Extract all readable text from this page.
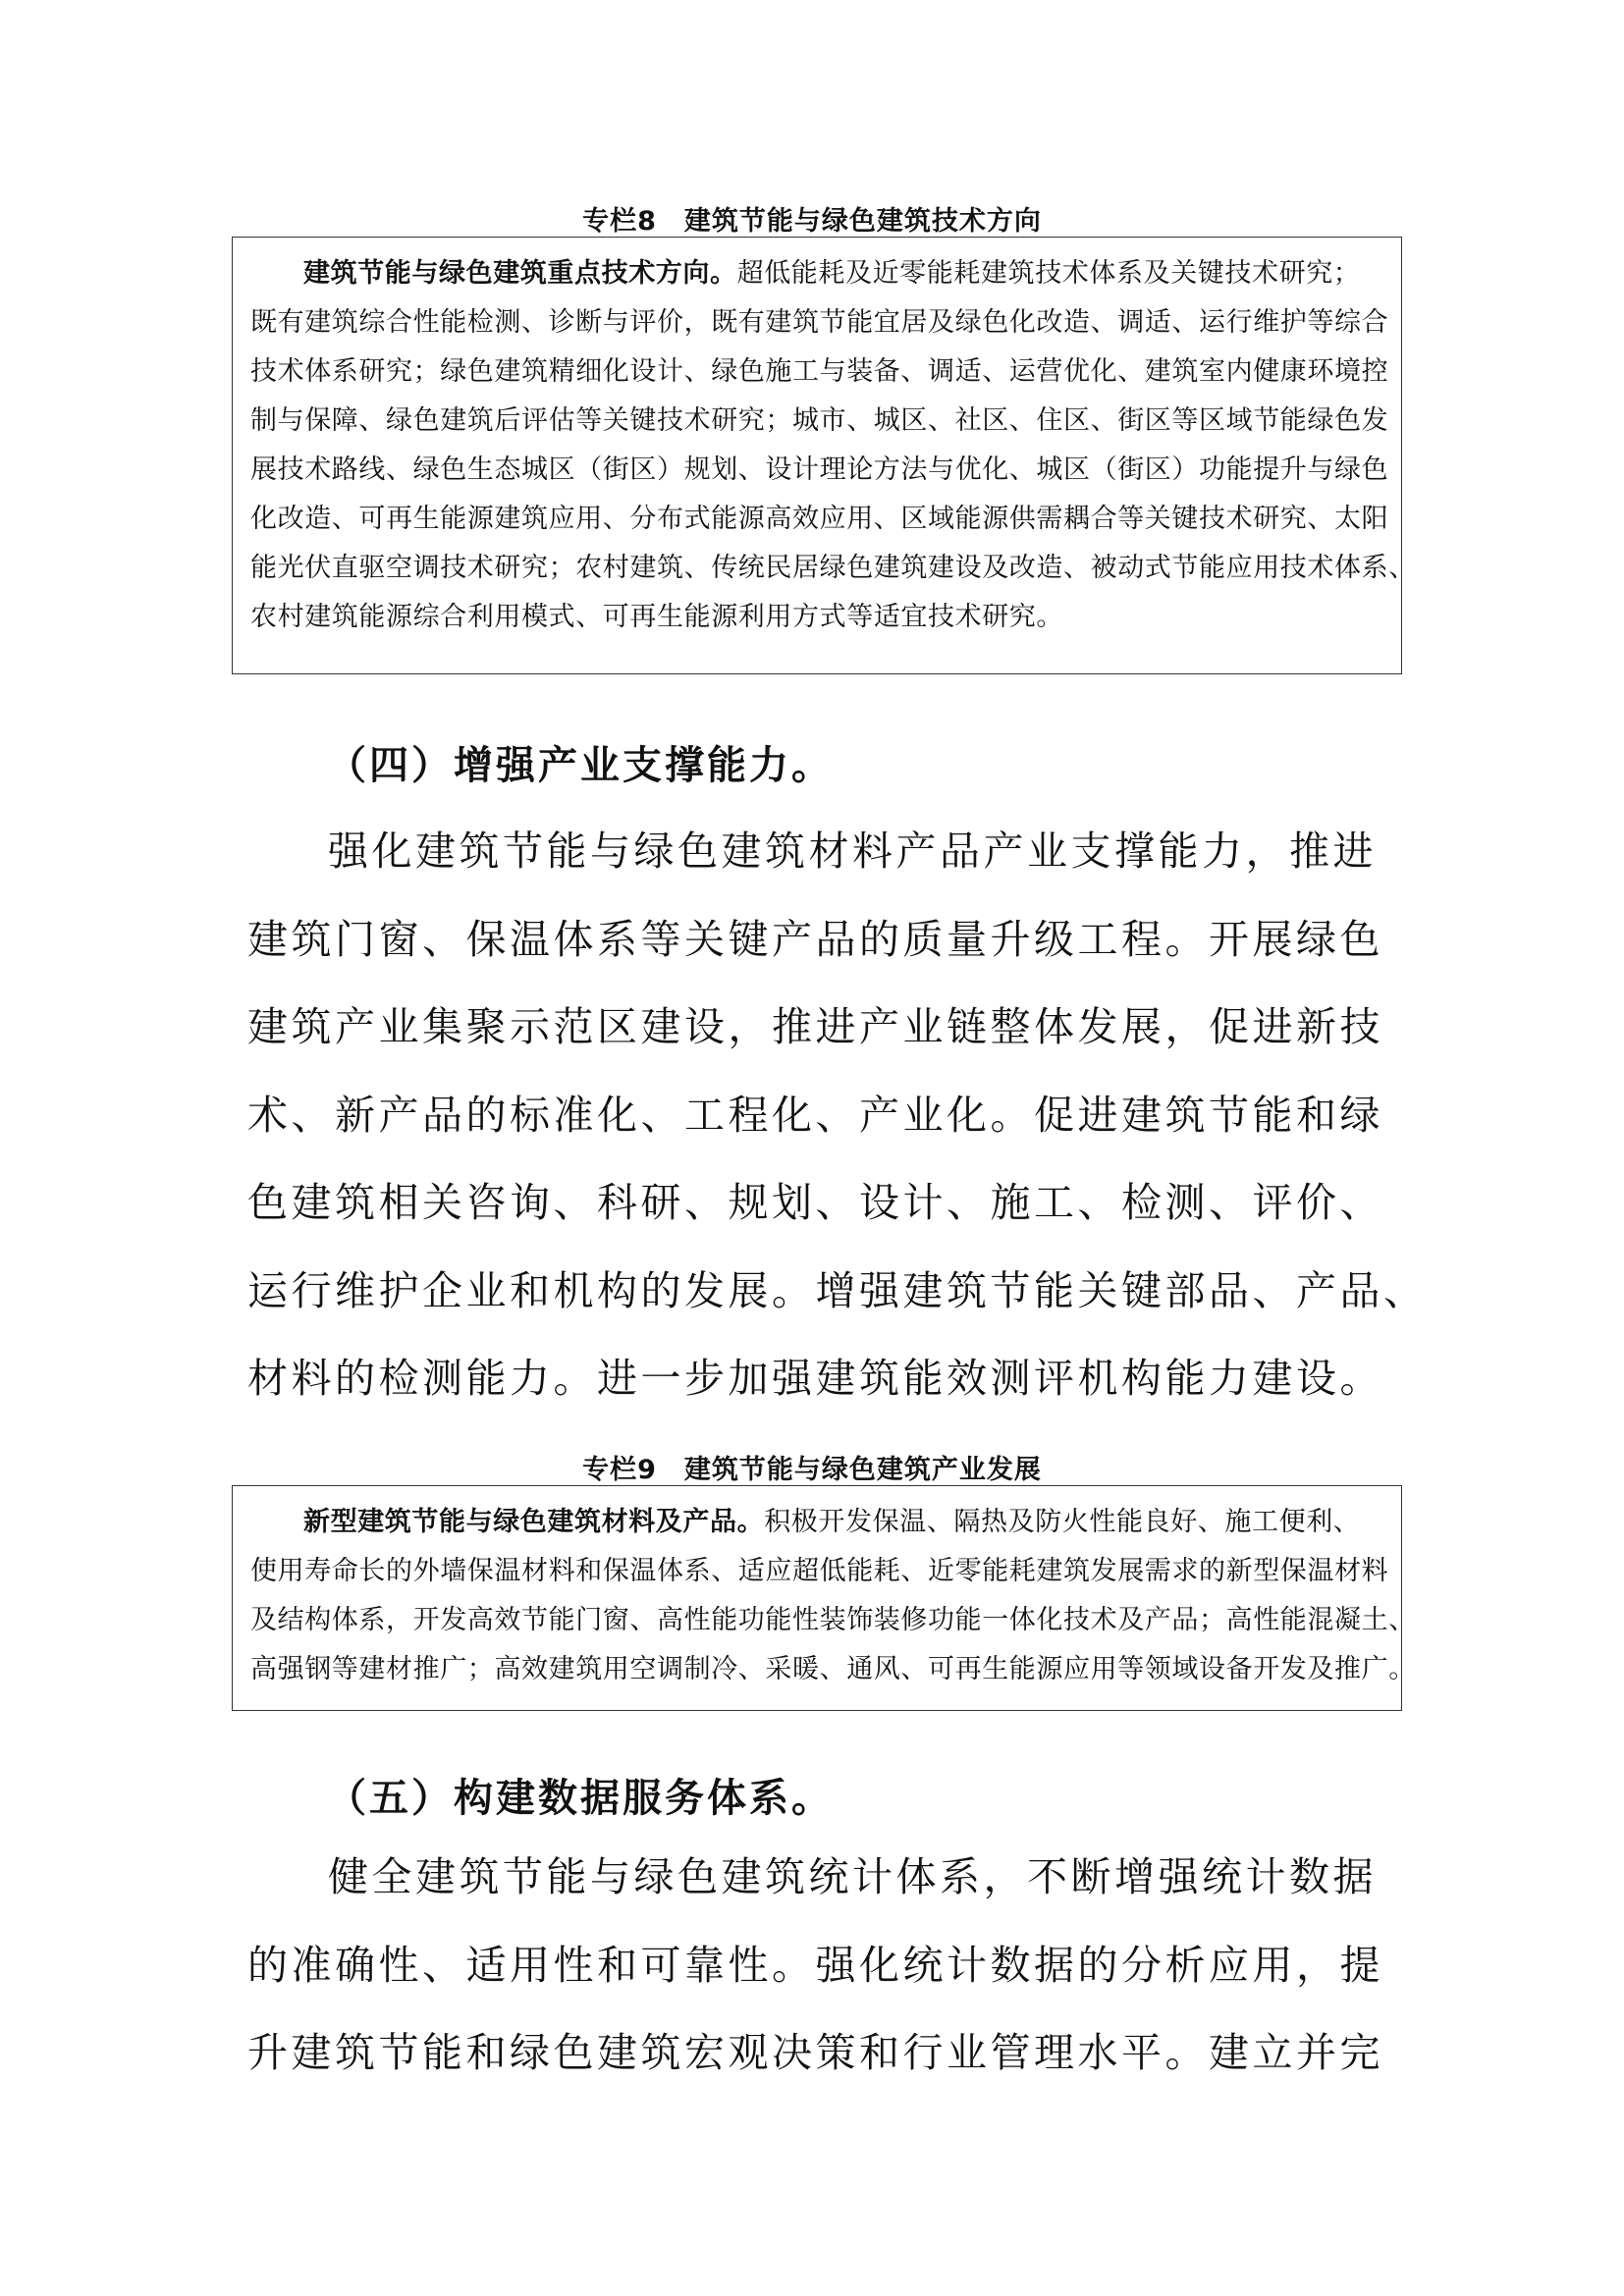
专栏8　建筑节能与绿色建筑技术方向
建筑节能与绿色建筑重点技术方向。超低能耗及近零能耗建筑技术体系及关键技术研究；
既有建筑综合性能检测、诊断与评价，既有建筑节能宜居及绿色化改造、调适、运行维护等综合
技术体系研究；绿色建筑精细化设计、绿色施工与装备、调适、运营优化、建筑室内健康环境控
制与保障、绿色建筑后评估等关键技术研究；城市、城区、社区、住区、街区等区域节能绿色发
展技术路线、绿色生态城区（街区）规划、设计理论方法与优化、城区（街区）功能提升与绿色
化改造、可再生能源建筑应用、分布式能源高效应用、区域能源供需耦合等关键技术研究、太阳
能光伏直驱空调技术研究；农村建筑、传统民居绿色建筑建设及改造、被动式节能应用技术体系、
农村建筑能源综合利用模式、可再生能源利用方式等适宜技术研究。
（四）增强产业支撑能力。
强化建筑节能与绿色建筑材料产品产业支撑能力，推进
建筑门窗、保温体系等关键产品的质量升级工程。开展绿色
建筑产业集聚示范区建设，推进产业链整体发展，促进新技
术、新产品的标准化、工程化、产业化。促进建筑节能和绿
色建筑相关咨询、科研、规划、设计、施工、检测、评价、
运行维护企业和机构的发展。增强建筑节能关键部品、产品、
材料的检测能力。进一步加强建筑能效测评机构能力建设。
专栏9　建筑节能与绿色建筑产业发展
新型建筑节能与绿色建筑材料及产品。积极开发保温、隔热及防火性能良好、施工便利、
使用寿命长的外墙保温材料和保温体系、适应超低能耗、近零能耗建筑发展需求的新型保温材料
及结构体系，开发高效节能门窗、高性能功能性装饰装修功能一体化技术及产品；高性能混凝土、
高强钢等建材推广；高效建筑用空调制冷、采暖、通风、可再生能源应用等领域设备开发及推广。
（五）构建数据服务体系。
健全建筑节能与绿色建筑统计体系，不断增强统计数据
的准确性、适用性和可靠性。强化统计数据的分析应用，提
升建筑节能和绿色建筑宏观决策和行业管理水平。建立并完
